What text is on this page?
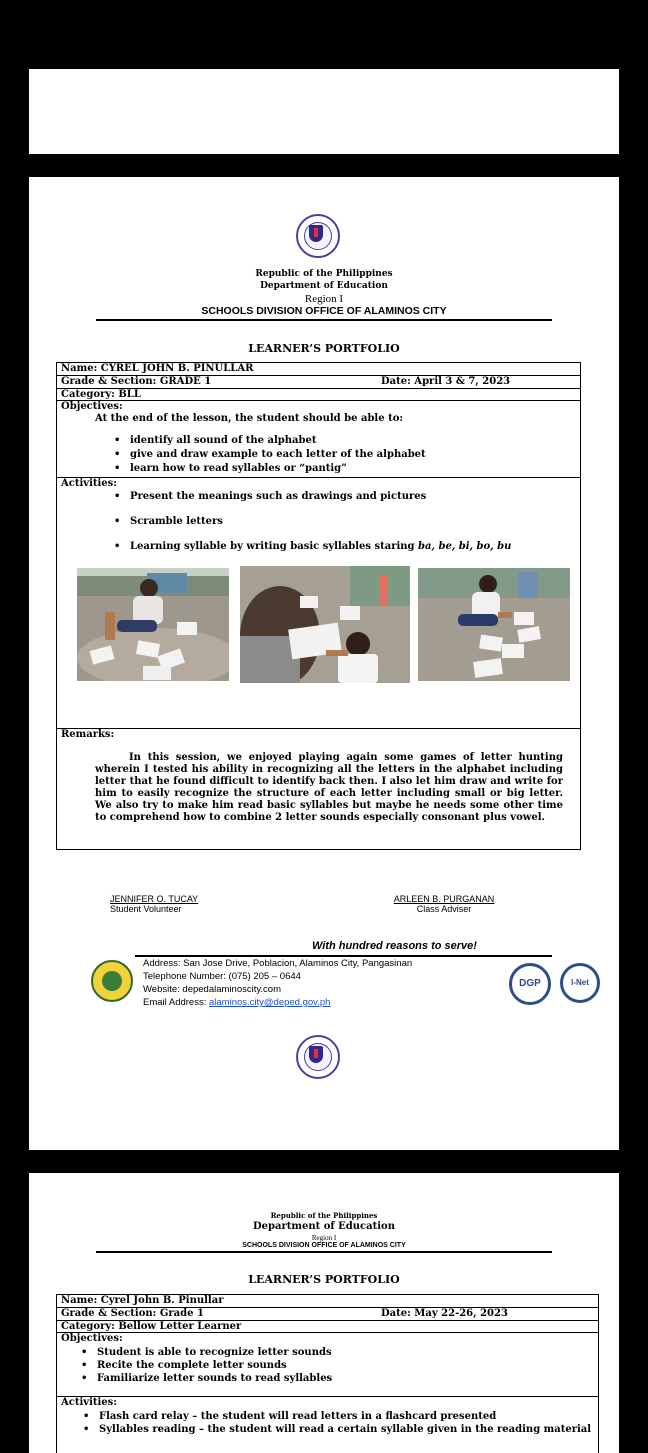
Republic of the Philippines
Department of Education
Region I
SCHOOLS DIVISION OFFICE OF ALAMINOS CITY
LEARNER’S PORTFOLIO
Name: CYREL JOHN B. PINULLAR
Grade & Section: GRADE 1	Date: April 3 & 7, 2023
Category: BLL
Objectives:
At the end of the lesson, the student should be able to:
• identify all sound of the alphabet
• give and draw example to each letter of the alphabet
• learn how to read syllables or “pantig”
Activities:
• Present the meanings such as drawings and pictures
• Scramble letters
• Learning syllable by writing basic syllables staring ba, be, bi, bo, bu
Remarks:
In this session, we enjoyed playing again some games of letter hunting wherein I tested his ability in recognizing all the letters in the alphabet including letter that he found difficult to identify back then. I also let him draw and write for him to easily recognize the structure of each letter including small or big letter. We also try to make him read basic syllables but maybe he needs some other time to comprehend how to combine 2 letter sounds especially consonant plus vowel.
JENNIFER O. TUCAY
Student Volunteer
ARLEEN B. PURGANAN
Class Adviser
With hundred reasons to serve!
Address: San Jose Drive, Poblacion, Alaminos City, Pangasinan
Telephone Number: (075) 205 – 0644
Website: depedalaminoscity.com
Email Address: alaminos.city@deped.gov.ph
DGP	I-Net
Republic of the Philippines
Department of Education
Region I
SCHOOLS DIVISION OFFICE OF ALAMINOS CITY
LEARNER’S PORTFOLIO
Name: Cyrel John B. Pinullar
Grade & Section: Grade 1	Date: May 22-26, 2023
Category: Bellow Letter Learner
Objectives:
• Student is able to recognize letter sounds
• Recite the complete letter sounds
• Familiarize letter sounds to read syllables
Activities:
• Flash card relay – the student will read letters in a flashcard presented
• Syllables reading – the student will read a certain syllable given in the reading material
